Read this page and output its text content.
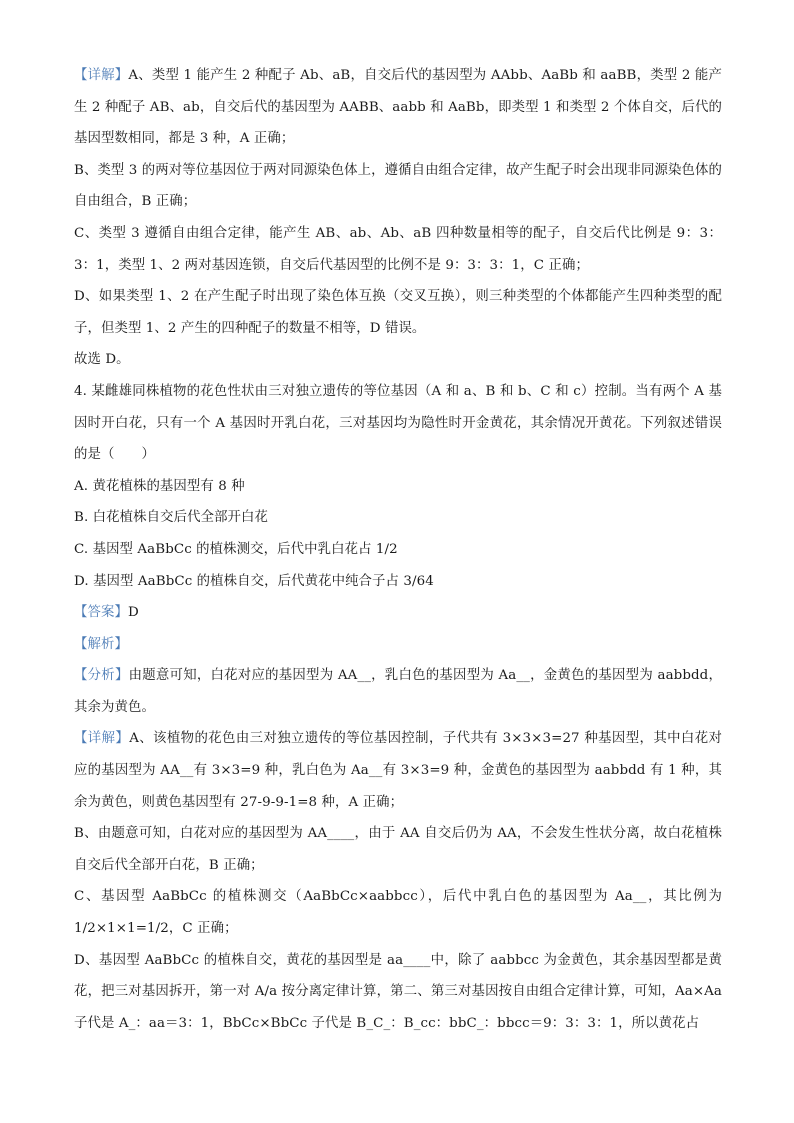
【详解】A、类型 1 能产生 2 种配子 Ab、aB，自交后代的基因型为 AAbb、AaBb 和 aaBB，类型 2 能产生 2 种配子 AB、ab，自交后代的基因型为 AABB、aabb 和 AaBb，即类型 1 和类型 2 个体自交，后代的基因型数相同，都是 3 种，A 正确；

B、类型 3 的两对等位基因位于两对同源染色体上，遵循自由组合定律，故产生配子时会出现非同源染色体的自由组合，B 正确；

C、类型 3 遵循自由组合定律，能产生 AB、ab、Ab、aB 四种数量相等的配子，自交后代比例是 9：3：3：1，类型 1、2 两对基因连锁，自交后代基因型的比例不是 9：3：3：1，C 正确；

D、如果类型 1、2 在产生配子时出现了染色体互换（交叉互换），则三种类型的个体都能产生四种类型的配子，但类型 1、2 产生的四种配子的数量不相等，D 错误。

故选 D。

4. 某雌雄同株植物的花色性状由三对独立遗传的等位基因（A 和 a、B 和 b、C 和 c）控制。当有两个 A 基因时开白花，只有一个 A 基因时开乳白花，三对基因均为隐性时开金黄花，其余情况开黄花。下列叙述错误的是（　　）

A. 黄花植株的基因型有 8 种

B. 白花植株自交后代全部开白花

C. 基因型 AaBbCc 的植株测交，后代中乳白花占 1/2

D. 基因型 AaBbCc 的植株自交，后代黄花中纯合子占 3/64

【答案】D

【解析】

【分析】由题意可知，白花对应的基因型为 AA__，乳白色的基因型为 Aa__，金黄色的基因型为 aabbdd，其余为黄色。

【详解】A、该植物的花色由三对独立遗传的等位基因控制，子代共有 3×3×3=27 种基因型，其中白花对应的基因型为 AA__有 3×3=9 种，乳白色为 Aa__有 3×3=9 种，金黄色的基因型为 aabbdd 有 1 种，其余为黄色，则黄色基因型有 27-9-9-1=8 种，A 正确；

B、由题意可知，白花对应的基因型为 AA____，由于 AA 自交后仍为 AA，不会发生性状分离，故白花植株自交后代全部开白花，B 正确；

C、基因型 AaBbCc 的植株测交（AaBbCc×aabbcc），后代中乳白色的基因型为 Aa__，其比例为 1/2×1×1=1/2，C 正确；

D、基因型 AaBbCc 的植株自交，黄花的基因型是 aa____中，除了 aabbcc 为金黄色，其余基因型都是黄花，把三对基因拆开，第一对 A/a 按分离定律计算，第二、第三对基因按自由组合定律计算，可知，Aa×Aa 子代是 A_：aa＝3：1，BbCc×BbCc 子代是 B_C_：B_cc：bbC_：bbcc＝9：3：3：1，所以黄花占
